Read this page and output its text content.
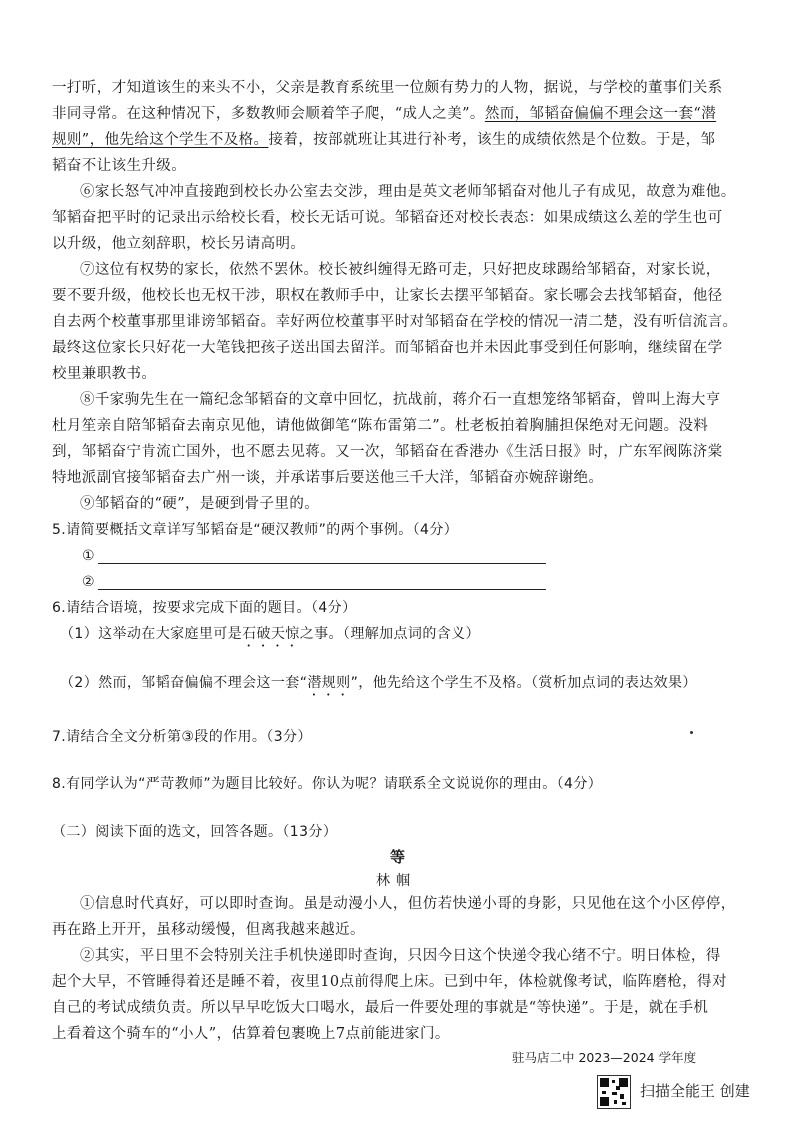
一打听，才知道该生的来头不小，父亲是教育系统里一位颇有势力的人物，据说，与学校的董事们关系
非同寻常。在这种情况下，多数教师会顺着竿子爬，“成人之美”。然而，邹韬奋偏偏不理会这一套“潜
规则”，他先给这个学生不及格。接着，按部就班让其进行补考，该生的成绩依然是个位数。于是，邹
韬奋不让该生升级。
⑥家长怒气冲冲直接跑到校长办公室去交涉，理由是英文老师邹韬奋对他儿子有成见，故意为难他。
邹韬奋把平时的记录出示给校长看，校长无话可说。邹韬奋还对校长表态：如果成绩这么差的学生也可
以升级，他立刻辞职，校长另请高明。
⑦这位有权势的家长，依然不罢休。校长被纠缠得无路可走，只好把皮球踢给邹韬奋，对家长说，
要不要升级，他校长也无权干涉，职权在教师手中，让家长去摆平邹韬奋。家长哪会去找邹韬奋，他径
自去两个校董事那里诽谤邹韬奋。幸好两位校董事平时对邹韬奋在学校的情况一清二楚，没有听信流言。
最终这位家长只好花一大笔钱把孩子送出国去留洋。而邹韬奋也并未因此事受到任何影响，继续留在学
校里兼职教书。
⑧千家驹先生在一篇纪念邹韬奋的文章中回忆，抗战前，蒋介石一直想笼络邹韬奋，曾叫上海大亨
杜月笙亲自陪邹韬奋去南京见他，请他做御笔“陈布雷第二”。杜老板拍着胸脯担保绝对无问题。没料
到，邹韬奋宁肯流亡国外，也不愿去见蒋。又一次，邹韬奋在香港办《生活日报》时，广东军阀陈济棠
特地派副官接邹韬奋去广州一谈，并承诺事后要送他三千大洋，邹韬奋亦婉辞谢绝。
⑨邹韬奋的“硬”，是硬到骨子里的。
5.请简要概括文章详写邹韬奋是“硬汉教师”的两个事例。（4分）
①
②
6.请结合语境，按要求完成下面的题目。（4分）
（1）这举动在大家庭里可是石破天惊之事。（理解加点词的含义）
（2）然而，邹韬奋偏偏不理会这一套“潜规则”，他先给这个学生不及格。（赏析加点词的表达效果）
7.请结合全文分析第③段的作用。（3分）
8.有同学认为“严苛教师”为题目比较好。你认为呢？请联系全文说说你的理由。（4分）
（二）阅读下面的选文，回答各题。（13分）
等
林帼
①信息时代真好，可以即时查询。虽是动漫小人，但仿若快递小哥的身影，只见他在这个小区停停，
再在路上开开，虽移动缓慢，但离我越来越近。
②其实，平日里不会特别关注手机快递即时查询，只因今日这个快递令我心绪不宁。明日体检，得
起个大早，不管睡得着还是睡不着，夜里10点前得爬上床。已到中年，体检就像考试，临阵磨枪，得对
自己的考试成绩负责。所以早早吃饭大口喝水，最后一件要处理的事就是“等快递”。于是，就在手机
上看着这个骑车的“小人”，估算着包裹晚上7点前能进家门。
驻马店二中 2023—2024 学年度
扫描全能王 创建
